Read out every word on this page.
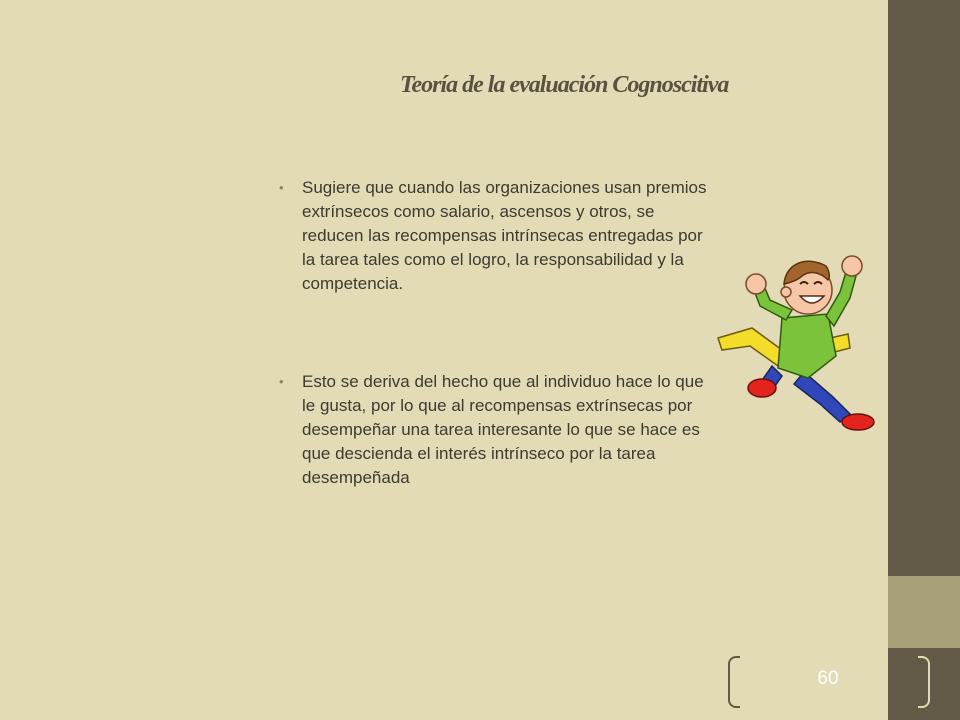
Teoría de la evaluación Cognoscitiva
• Sugiere que cuando las organizaciones usan premios extrínsecos como salario, ascensos y otros, se reducen las recompensas intrínsecas entregadas por la tarea tales como el logro, la responsabilidad y la competencia.
• Esto se deriva del hecho que al individuo hace lo que le gusta, por lo que al recompensas extrínsecas por desempeñar una tarea interesante lo que se hace es que descienda el interés intrínseco por la tarea desempeñada
60
